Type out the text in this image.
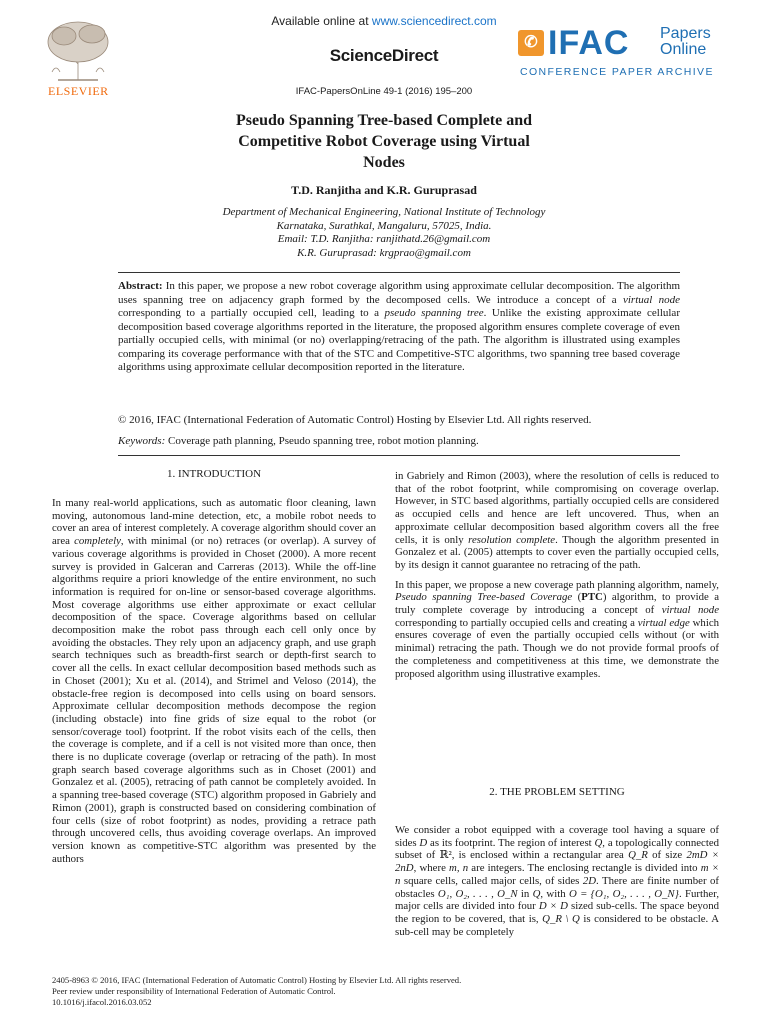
Available online at www.sciencedirect.com
ScienceDirect
IFAC-PapersOnLine 49-1 (2016) 195–200
ELSEVIER
✆ IFAC Papers
Online
CONFERENCE PAPER ARCHIVE
Pseudo Spanning Tree-based Complete and
Competitive Robot Coverage using Virtual
Nodes
T.D. Ranjitha and K.R. Guruprasad
Department of Mechanical Engineering, National Institute of Technology
Karnataka, Surathkal, Mangaluru, 57025, India.
Email: T.D. Ranjitha: ranjithatd.26@gmail.com
K.R. Guruprasad: krgprao@gmail.com
Abstract: In this paper, we propose a new robot coverage algorithm using approximate cellular decomposition. The algorithm uses spanning tree on adjacency graph formed by the decomposed cells. We introduce a concept of a virtual node corresponding to a partially occupied cell, leading to a pseudo spanning tree. Unlike the existing approximate cellular decomposition based coverage algorithms reported in the literature, the proposed algorithm ensures complete coverage of even partially occupied cells, with minimal (or no) overlapping/retracing of the path. The algorithm is illustrated using examples comparing its coverage performance with that of the STC and Competitive-STC algorithms, two spanning tree based coverage algorithms using approximate cellular decomposition reported in the literature.
© 2016, IFAC (International Federation of Automatic Control) Hosting by Elsevier Ltd. All rights reserved.
Keywords: Coverage path planning, Pseudo spanning tree, robot motion planning.
1. INTRODUCTION

In many real-world applications, such as automatic floor cleaning, lawn moving, autonomous land-mine detection, etc, a mobile robot needs to cover an area of interest completely. A coverage algorithm should cover an area completely, with minimal (or no) retraces (or overlap). A survey of various coverage algorithms is provided in Choset (2000). A more recent survey is provided in Galceran and Carreras (2013). While the off-line algorithms require a priori knowledge of the entire environment, no such information is required for on-line or sensor-based coverage algorithms. Most coverage algorithms use either approximate or exact cellular decomposition of the space. Coverage algorithms based on cellular decomposition make the robot pass through each cell only once by avoiding the obstacles. They rely upon an adjacency graph, and use graph search techniques such as breadth-first search or depth-first search to cover all the cells. In exact cellular decomposition based methods such as in Choset (2001); Xu et al. (2014), and Strimel and Veloso (2014), the obstacle-free region is decomposed into cells using on board sensors. Approximate cellular decomposition methods decompose the region (including obstacle) into fine grids of size equal to the robot (or sensor/coverage tool) footprint. If the robot visits each of the cells, then the coverage is complete, and if a cell is not visited more than once, then there is no duplicate coverage (overlap or retracing of the path). In most graph search based coverage algorithms such as in Choset (2001) and Gonzalez et al. (2005), retracing of path cannot be completely avoided. In a spanning tree-based coverage (STC) algorithm proposed in Gabriely and Rimon (2001), graph is constructed based on considering combination of four cells (size of robot footprint) as nodes, providing a retrace path through uncovered cells, thus avoiding coverage overlaps. An improved version known as competitive-STC algorithm was presented by the authors

in Gabriely and Rimon (2003), where the resolution of cells is reduced to that of the robot footprint, while compromising on coverage overlap. However, in STC based algorithms, partially occupied cells are considered as occupied cells and hence are left uncovered. Thus, when an approximate cellular decomposition based algorithm covers all the free cells, it is only resolution complete. Though the algorithm presented in Gonzalez et al. (2005) attempts to cover even the partially occupied cells, by its design it cannot guarantee no retracing of the path.

In this paper, we propose a new coverage path planning algorithm, namely, Pseudo spanning Tree-based Coverage (PTC) algorithm, to provide a truly complete coverage by introducing a concept of virtual node corresponding to partially occupied cells and creating a virtual edge which ensures coverage of even the partially occupied cells without (or with minimal) retracing the path. Though we do not provide formal proofs of the completeness and competitiveness at this time, we demonstrate the proposed algorithm using illustrative examples.

2. THE PROBLEM SETTING

We consider a robot equipped with a coverage tool having a square of sides D as its footprint. The region of interest Q, a topologically connected subset of ℝ², is enclosed within a rectangular area Q_R of size 2mD × 2nD, where m, n are integers. The enclosing rectangle is divided into m × n square cells, called major cells, of sides 2D. There are finite number of obstacles O₁, O₂, . . . , O_N in Q, with O = {O₁, O₂, . . . , O_N}. Further, major cells are divided into four D × D sized sub-cells. The space beyond the region to be covered, that is, Q_R \ Q is considered to be obstacle. A sub-cell may be completely

2405-8963 © 2016, IFAC (International Federation of Automatic Control) Hosting by Elsevier Ltd. All rights reserved.
Peer review under responsibility of International Federation of Automatic Control.
10.1016/j.ifacol.2016.03.052
